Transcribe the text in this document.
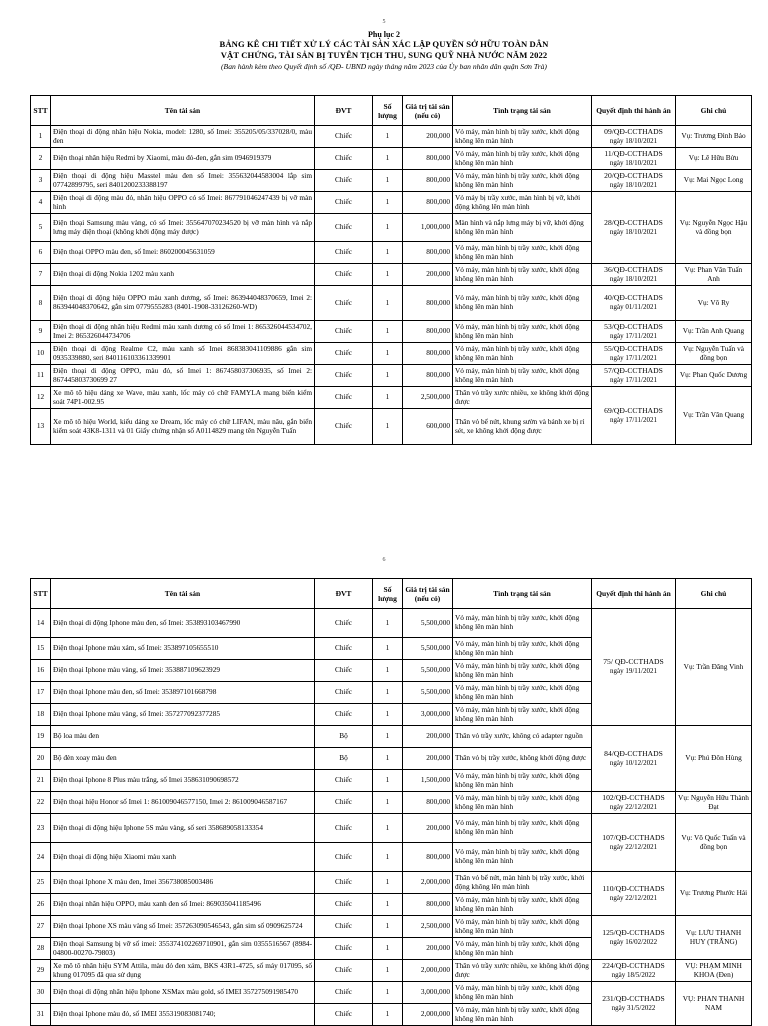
5
Phụ lục 2
BẢNG KÊ CHI TIẾT XỬ LÝ CÁC TÀI SẢN XÁC LẬP QUYỀN SỞ HỮU TOÀN DÂN
VẬT CHỨNG, TÀI SẢN BỊ TUYÊN TỊCH THU, SUNG QUỸ NHÀ NƯỚC NĂM 2022
(Ban hành kèm theo Quyết định số /QĐ- UBND ngày tháng năm 2023 của Ủy ban nhân dân quận Sơn Trà)
STT	Tên tài sản	ĐVT	Số lượng	Giá trị tài sản (nếu có)	Tình trạng tài sản	Quyết định thi hành án	Ghi chú
1	Điện thoại di động nhãn hiệu Nokia, model: 1280, số Imei: 355205/05/337028/0, màu đen	Chiếc	1	200,000	Vỏ máy, màn hình bị trầy xước, khởi động không lên màn hình	09/QĐ-CCTHADS
ngày 18/10/2021	Vụ: Trương Đình Bảo
2	Điện thoại nhãn hiệu Redmi by Xiaomi, màu đỏ-đen, gắn sim 0946919379	Chiếc	1	800,000	Vỏ máy, màn hình bị trầy xước, khởi động không lên màn hình	11/QĐ-CCTHADS
ngày 18/10/2021	Vụ: Lê Hữu Bửu
3	Điện thoại di động hiệu Masstel màu đen số Imei: 355632044583004 lắp sim 07742899795, seri 8401200233388197	Chiếc	1	800,000	Vỏ máy, màn hình bị trầy xước, khởi động không lên màn hình	20/QĐ-CCTHADS
ngày 18/10/2021	Vụ: Mai Ngọc Long
4	Điện thoại di động màu đỏ, nhãn hiệu OPPO có số Imei: 867791046247439 bị vỡ màn hình	Chiếc	1	800,000	Vỏ máy bị trầy xước, màn hình bị vỡ, khởi động không lên màn hình	28/QĐ-CCTHADS
ngày 18/10/2021	Vụ: Nguyễn Ngọc Hậu và đồng bọn
5	Điện thoại Samsung màu vàng, có số Imei: 355647070234520 bị vỡ màn hình và nắp lưng máy điện thoại (không khởi động máy được)	Chiếc	1	1,000,000	Màn hình và nắp lưng máy bị vỡ, khởi động không lên màn hình		
6	Điện thoại OPPO màu đen, số Imei: 860200045631059	Chiếc	1	800,000	Vỏ máy, màn hình bị trầy xước, khởi động không lên màn hình		
7	Điện thoại di động Nokia 1202 màu xanh	Chiếc	1	200,000	Vỏ máy, màn hình bị trầy xước, khởi động không lên màn hình	36/QĐ-CCTHADS
ngày 18/10/2021	Vụ: Phan Văn Tuấn Anh
8	Điện thoại di động hiệu OPPO màu xanh dương, số Imei: 863944048370659, Imei 2: 863944048370642, gắn sim 0779555283 (8401-1908-33126260-WD)	Chiếc	1	800,000	Vỏ máy, màn hình bị trầy xước, khởi động không lên màn hình	40/QĐ-CCTHADS
ngày 01/11/2021	Vụ: Võ Ry
9	Điện thoại di động nhãn hiệu Redmi màu xanh dương có số Imei 1: 865326044534702, Imei 2: 865326044734706	Chiếc	1	800,000	Vỏ máy, màn hình bị trầy xước, khởi động không lên màn hình	53/QĐ-CCTHADS
ngày 17/11/2021	Vụ: Trần Anh Quang
10	Điện thoại di động Realme C2, màu xanh số Imei 868383041109886 gắn sim 0935339880, seri 840116103361339901	Chiếc	1	800,000	Vỏ máy, màn hình bị trầy xước, khởi động không lên màn hình	55/QĐ-CCTHADS
ngày 17/11/2021	Vụ: Nguyễn Tuấn và đồng bọn
11	Điện thoại di động OPPO, màu đỏ, số Imei 1: 867458037306935, số Imei 2: 867445803730699 27	Chiếc	1	800,000	Vỏ máy, màn hình bị trầy xước, khởi động không lên màn hình	57/QĐ-CCTHADS
ngày 17/11/2021	Vụ: Phan Quốc Dương
12	Xe mô tô hiệu dáng xe Wave, màu xanh, lốc máy có chữ FAMYLA mang biển kiểm soát 74P1-002.95	Chiếc	1	2,500,000	Thân vỏ trầy xước nhiều, xe không khởi động được	69/QĐ-CCTHADS
ngày 17/11/2021	Vụ: Trần Văn Quang
13	Xe mô tô hiệu World, kiểu dáng xe Dream, lốc máy có chữ LIFAN, màu nâu, gắn biển kiểm soát 43K8-1311 và 01 Giấy chứng nhận số A0114829 mang tên Nguyễn Tuấn	Chiếc	1	600,000	Thân vỏ bể nứt, khung sườn và bánh xe bị rỉ sét, xe không khởi động được		
6
STT	Tên tài sản	ĐVT	Số lượng	Giá trị tài sản (nếu có)	Tình trạng tài sản	Quyết định thi hành án	Ghi chú
14	Điện thoại di động Iphone màu đen, số Imei: 353893103467990	Chiếc	1	5,500,000	Vỏ máy, màn hình bị trầy xước, khởi động không lên màn hình	75/ QĐ-CCTHADS
ngày 19/11/2021	Vụ: Trần Đăng Vinh
15	Điện thoại Iphone màu xám, số Imei: 353897105655510	Chiếc	1	5,500,000	Vỏ máy, màn hình bị trầy xước, khởi động không lên màn hình		
16	Điện thoại Iphone màu vàng, số Imei: 353887109623929	Chiếc	1	5,500,000	Vỏ máy, màn hình bị trầy xước, khởi động không lên màn hình		
17	Điện thoại Iphone màu đen, số Imei: 353897101668798	Chiếc	1	5,500,000	Vỏ máy, màn hình bị trầy xước, khởi động không lên màn hình		
18	Điện thoại Iphone màu vàng, số Imei: 357277092377285	Chiếc	1	3,000,000	Vỏ máy, màn hình bị trầy xước, khởi động không lên màn hình		
19	Bộ loa màu đen	Bộ	1	200,000	Thân vỏ trầy xước, không có adapter nguồn	84/QĐ-CCTHADS
ngày 10/12/2021	Vụ: Phú Đôn Hùng
20	Bộ đèn xoay màu đen	Bộ	1	200,000	Thân vỏ bị trầy xước, không khởi động được		
21	Điện thoại Iphone 8 Plus màu trắng, số Imei 358631090698572	Chiếc	1	1,500,000	Vỏ máy, màn hình bị trầy xước, khởi động không lên màn hình		
22	Điện thoại hiệu Honor số Imei 1: 861009046577150, Imei 2: 861009046587167	Chiếc	1	800,000	Vỏ máy, màn hình bị trầy xước, khởi động không lên màn hình	102/QĐ-CCTHADS
ngày 22/12/2021	Vụ: Nguyễn Hữu Thành Đạt
23	Điện thoại di động hiệu Iphone 5S màu vàng, số seri 358689058133354	Chiếc	1	200,000	Vỏ máy, màn hình bị trầy xước, khởi động không lên màn hình	107/QĐ-CCTHADS
ngày 22/12/2021	Vụ: Võ Quốc Tuấn và đồng bọn
24	Điện thoại di động hiệu Xiaomi màu xanh	Chiếc	1	800,000	Vỏ máy, màn hình bị trầy xước, khởi động không lên màn hình		
25	Điện thoại Iphone X màu đen, Imei 356738085003486	Chiếc	1	2,000,000	Thân vỏ bể nứt, màn hình bị trầy xước, khởi động không lên màn hình	110/QĐ-CCTHADS
ngày 22/12/2021	Vụ: Trương Phước Hải
26	Điện thoại nhãn hiệu OPPO, màu xanh đen số Imei: 869035041185496	Chiếc	1	800,000	Vỏ máy, màn hình bị trầy xước, khởi động không lên màn hình		
27	Điện thoại Iphone XS màu vàng số Imei: 357263090546543, gắn sim số 0909625724	Chiếc	1	2,500,000	Vỏ máy, màn hình bị trầy xước, khởi động không lên màn hình	125/QĐ-CCTHADS
ngày 16/02/2022	Vụ: LƯU THANH HUY (TRẮNG)
28	Điện thoại Samsung bị vỡ số imei: 355374102269710901, gắn sim 0355516567 (8984-04800-00270-79803)	Chiếc	1	200,000	Vỏ máy, màn hình bị trầy xước, khởi động không lên màn hình		
29	Xe mô tô nhãn hiệu SYM Attila, màu đỏ đen xám, BKS 43R1-4725, số máy 017095, số khung 017095 đã qua sử dụng	Chiếc	1	2,000,000	Thân vỏ trầy xước nhiều, xe không khởi động được	224/QĐ-CCTHADS
ngày 18/5/2022	VỤ: PHẠM MINH KHOA (Đen)
30	Điện thoại di động nhãn hiệu Iphone XSMax màu gold, số IMEI 357275091985470	Chiếc	1	3,000,000	Vỏ máy, màn hình bị trầy xước, khởi động không lên màn hình	231/QĐ-CCTHADS
ngày 31/5/2022	VỤ: PHAN THANH NAM
31	Điện thoại Iphone màu đỏ, số IMEI 355319083081740;	Chiếc	1	2,000,000	Vỏ máy, màn hình bị trầy xước, khởi động không lên màn hình		
